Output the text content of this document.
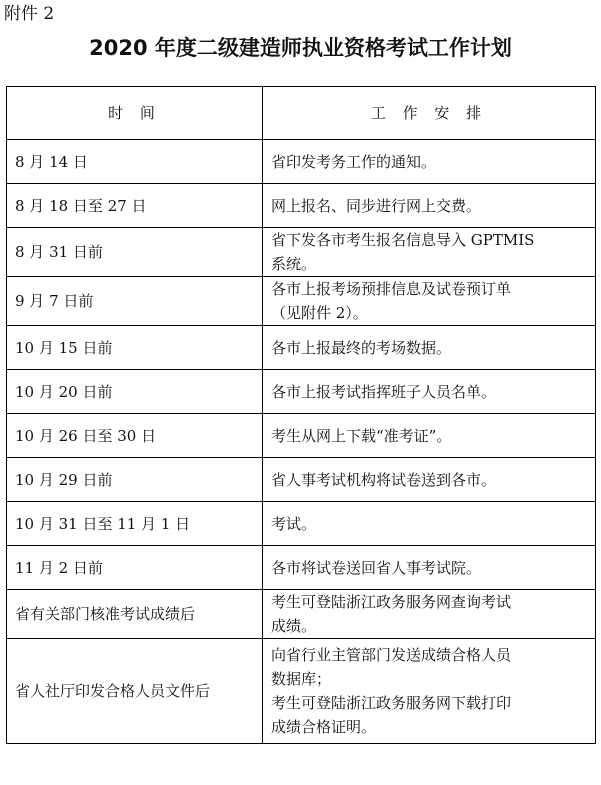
附件 2
2020 年度二级建造师执业资格考试工作计划
时 间	工 作 安 排
8 月 14 日	省印发考务工作的通知。
8 月 18 日至 27 日	网上报名、同步进行网上交费。
8 月 31 日前	省下发各市考生报名信息导入 GPTMIS
系统。
9 月 7 日前	各市上报考场预排信息及试卷预订单
（见附件 2）。
10 月 15 日前	各市上报最终的考场数据。
10 月 20 日前	各市上报考试指挥班子人员名单。
10 月 26 日至 30 日	考生从网上下载“准考证”。
10 月 29 日前	省人事考试机构将试卷送到各市。
10 月 31 日至 11 月 1 日	考试。
11 月 2 日前	各市将试卷送回省人事考试院。
省有关部门核准考试成绩后	考生可登陆浙江政务服务网查询考试
成绩。
省人社厅印发合格人员文件后	向省行业主管部门发送成绩合格人员
数据库；
考生可登陆浙江政务服务网下载打印
成绩合格证明。
